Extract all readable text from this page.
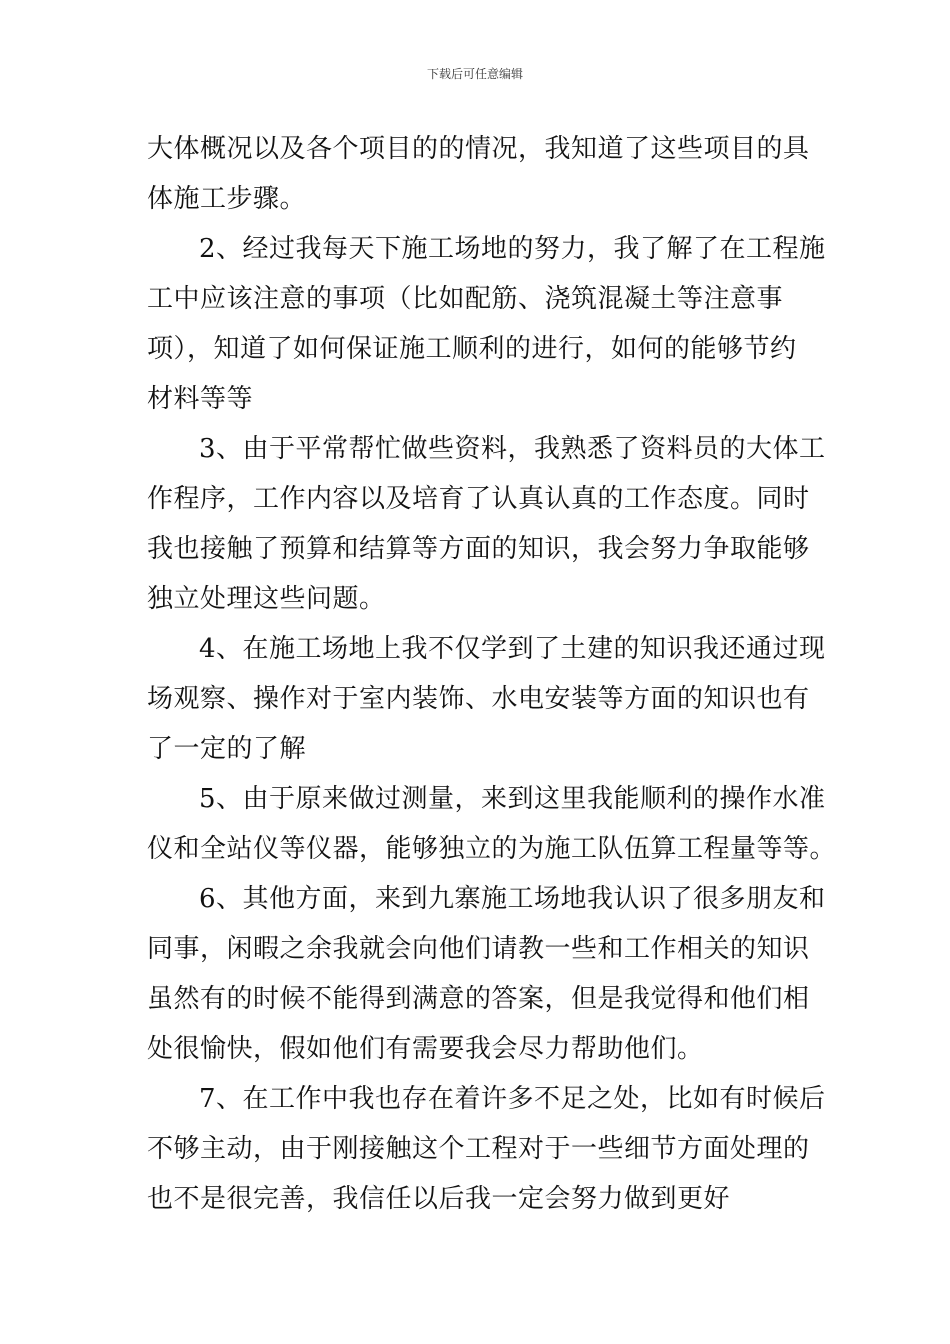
下载后可任意编辑
大体概况以及各个项目的的情况，我知道了这些项目的具
体施工步骤。
2、经过我每天下施工场地的努力，我了解了在工程施
工中应该注意的事项（比如配筋、浇筑混凝土等注意事
项），知道了如何保证施工顺利的进行，如何的能够节约
材料等等
3、由于平常帮忙做些资料，我熟悉了资料员的大体工
作程序，工作内容以及培育了认真认真的工作态度。同时
我也接触了预算和结算等方面的知识，我会努力争取能够
独立处理这些问题。
4、在施工场地上我不仅学到了土建的知识我还通过现
场观察、操作对于室内装饰、水电安装等方面的知识也有
了一定的了解
5、由于原来做过测量，来到这里我能顺利的操作水准
仪和全站仪等仪器，能够独立的为施工队伍算工程量等等。
6、其他方面，来到九寨施工场地我认识了很多朋友和
同事，闲暇之余我就会向他们请教一些和工作相关的知识
虽然有的时候不能得到满意的答案，但是我觉得和他们相
处很愉快，假如他们有需要我会尽力帮助他们。
7、在工作中我也存在着许多不足之处，比如有时候后
不够主动，由于刚接触这个工程对于一些细节方面处理的
也不是很完善，我信任以后我一定会努力做到更好
